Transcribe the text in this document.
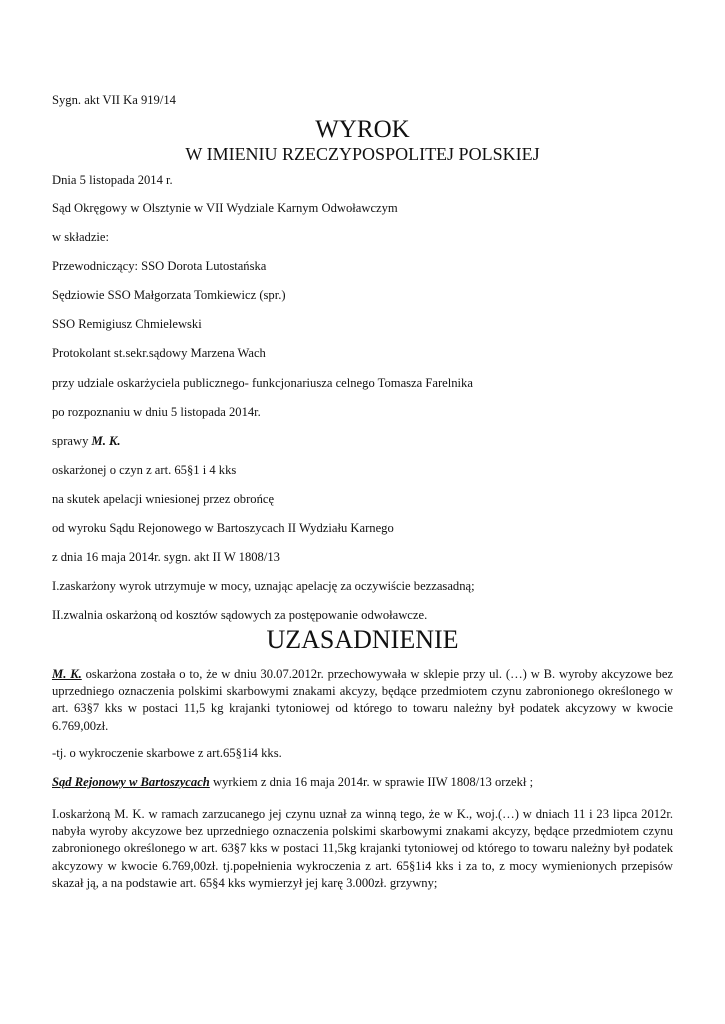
Sygn. akt VII Ka 919/14
WYROK
W IMIENIU RZECZYPOSPOLITEJ POLSKIEJ
Dnia 5 listopada 2014 r.
Sąd Okręgowy w Olsztynie w VII Wydziale Karnym Odwoławczym
w składzie:
Przewodniczący: SSO Dorota Lutostańska
Sędziowie SSO Małgorzata Tomkiewicz (spr.)
SSO Remigiusz Chmielewski
Protokolant st.sekr.sądowy Marzena Wach
przy udziale oskarżyciela publicznego- funkcjonariusza celnego Tomasza Farelnika
po rozpoznaniu w dniu 5 listopada 2014r.
sprawy M. K.
oskarżonej o czyn z art. 65§1 i 4 kks
na skutek apelacji wniesionej przez obrońcę
od wyroku Sądu Rejonowego w Bartoszycach II Wydziału Karnego
z dnia 16 maja 2014r. sygn. akt II W 1808/13
I.zaskarżony wyrok utrzymuje w mocy, uznając apelację za oczywiście bezzasadną;
II.zwalnia oskarżoną od kosztów sądowych za postępowanie odwoławcze.
UZASADNIENIE
M. K. oskarżona została o to, że w dniu 30.07.2012r. przechowywała w sklepie przy ul. (…) w B. wyroby akcyzowe bez uprzedniego oznaczenia polskimi skarbowymi znakami akcyzy, będące przedmiotem czynu zabronionego określonego w art. 63§7 kks w postaci 11,5 kg krajanki tytoniowej od którego to towaru należny był podatek akcyzowy w kwocie 6.769,00zł.
-tj. o wykroczenie skarbowe z art.65§1i4 kks.
Sąd Rejonowy w Bartoszycach wyrkiem z dnia 16 maja 2014r. w sprawie IIW 1808/13 orzekł ;
I.oskarżoną M. K. w ramach zarzucanego jej czynu uznał za winną tego, że w K., woj.(…) w dniach 11 i 23 lipca 2012r. nabyła wyroby akcyzowe bez uprzedniego oznaczenia polskimi skarbowymi znakami akcyzy, będące przedmiotem czynu zabronionego określonego w art. 63§7 kks w postaci 11,5kg krajanki tytoniowej od którego to towaru należny był podatek akcyzowy w kwocie 6.769,00zł. tj.popełnienia wykroczenia z art. 65§1i4 kks i za to, z mocy wymienionych przepisów skazał ją, a na podstawie art. 65§4 kks wymierzył jej karę 3.000zł. grzywny;
